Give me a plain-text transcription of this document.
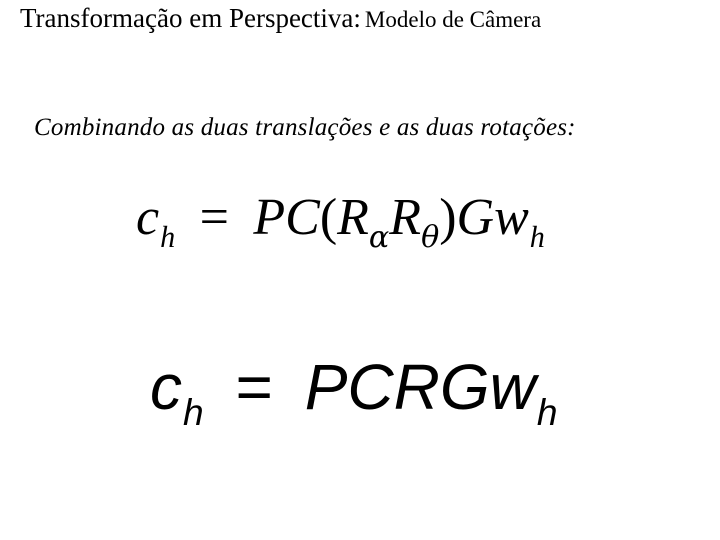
Transformação em Perspectiva: Modelo de Câmera
Combinando as duas translações e as duas rotações:
$c_h = PC(R_\alpha R_\theta)Gw_h$
$c_h$ = PCRGw$_h$
